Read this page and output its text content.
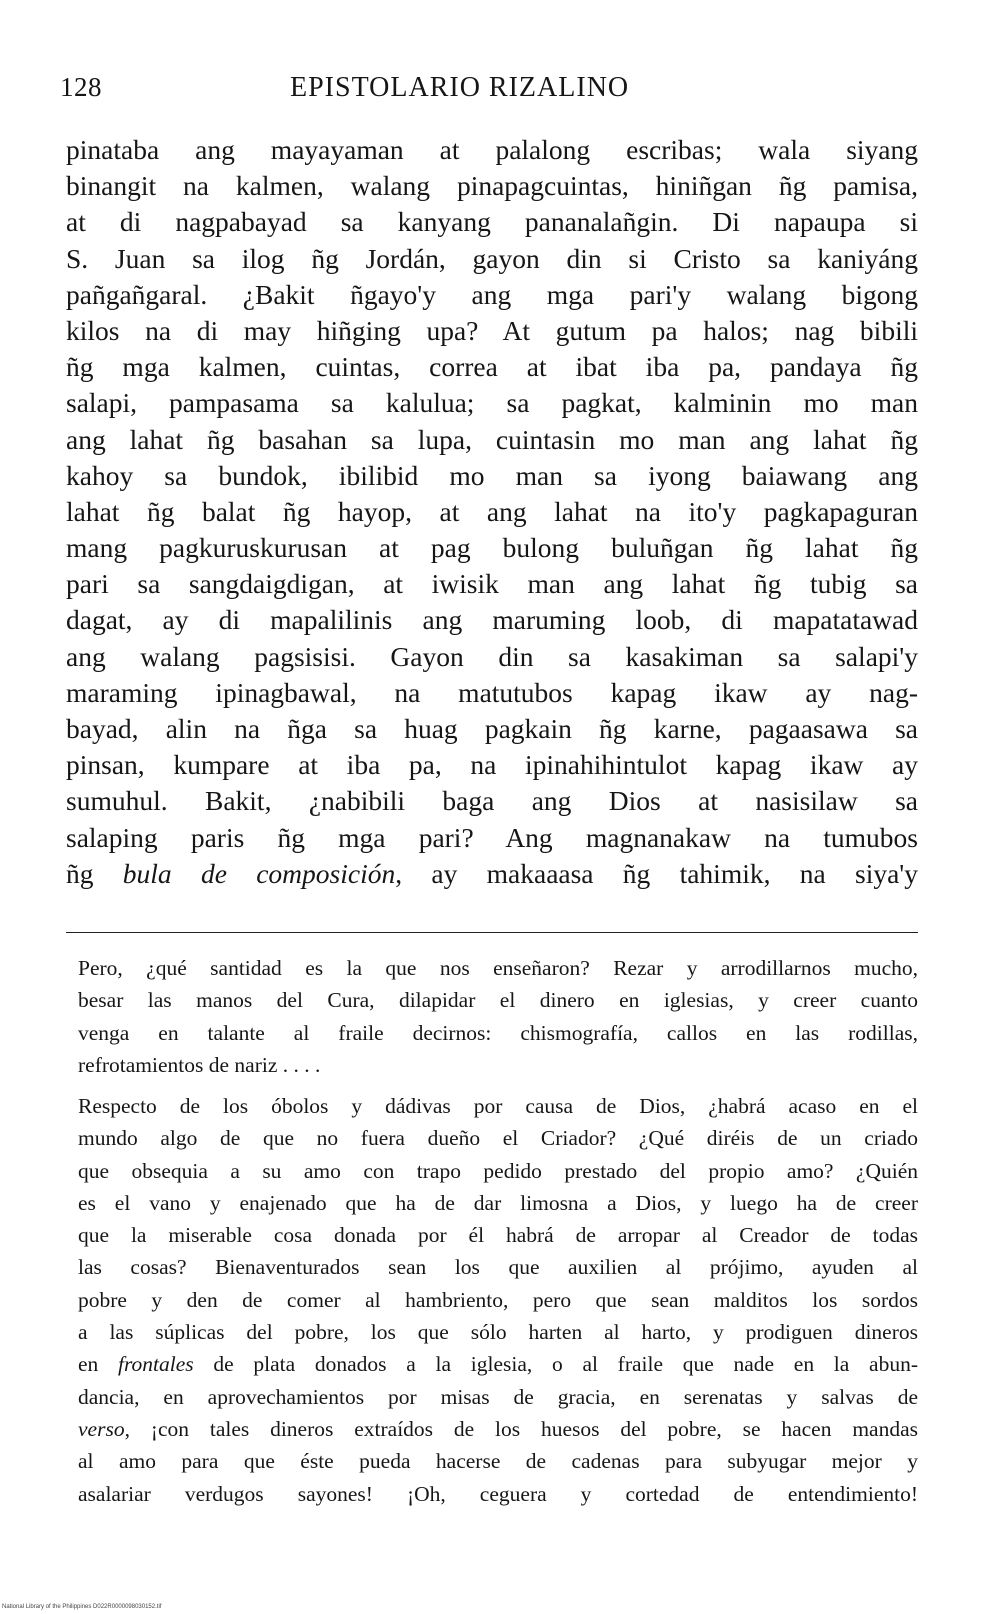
128	EPISTOLARIO RIZALINO
pinataba ang mayayaman at palalong escribas; wala siyang
binangit na kalmen, walang pinapagcuintas, hiniñgan ñg pamisa,
at di nagpabayad sa kanyang pananalañgin. Di napaupa si
S. Juan sa ilog ñg Jordán, gayon din si Cristo sa kaniyáng
pañgañgaral. ¿Bakit ñgayo'y ang mga pari'y walang bigong
kilos na di may hiñging upa? At gutum pa halos; nag bibili
ñg mga kalmen, cuintas, correa at ibat iba pa, pandaya ñg
salapi, pampasama sa kalulua; sa pagkat, kalminin mo man
ang lahat ñg basahan sa lupa, cuintasin mo man ang lahat ñg
kahoy sa bundok, ibilibid mo man sa iyong baiawang ang
lahat ñg balat ñg hayop, at ang lahat na ito'y pagkapaguran
mang pagkuruskurusan at pag bulong buluñgan ñg lahat ñg
pari sa sangdaigdigan, at iwisik man ang lahat ñg tubig sa
dagat, ay di mapalilinis ang maruming loob, di mapatatawad
ang walang pagsisisi. Gayon din sa kasakiman sa salapi'y
maraming ipinagbawal, na matutubos kapag ikaw ay nag-
bayad, alin na ñga sa huag pagkain ñg karne, pagaasawa sa
pinsan, kumpare at iba pa, na ipinahihintulot kapag ikaw ay
sumuhul. Bakit, ¿nabibili baga ang Dios at nasisilaw sa
salaping paris ñg mga pari? Ang magnanakaw na tumubos
ñg bula de composición, ay makaaasa ñg tahimik, na siya'y
Pero, ¿qué santidad es la que nos enseñaron? Rezar y arrodillarnos mucho,
besar las manos del Cura, dilapidar el dinero en iglesias, y creer cuanto
venga en talante al fraile decirnos: chismografía, callos en las rodillas,
refrotamientos de nariz . . . .
Respecto de los óbolos y dádivas por causa de Dios, ¿habrá acaso en el
mundo algo de que no fuera dueño el Criador? ¿Qué diréis de un criado
que obsequia a su amo con trapo pedido prestado del propio amo? ¿Quién
es el vano y enajenado que ha de dar limosna a Dios, y luego ha de creer
que la miserable cosa donada por él habrá de arropar al Creador de todas
las cosas? Bienaventurados sean los que auxilien al prójimo, ayuden al
pobre y den de comer al hambriento, pero que sean malditos los sordos
a las súplicas del pobre, los que sólo harten al harto, y prodiguen dineros
en frontales de plata donados a la iglesia, o al fraile que nade en la abun-
dancia, en aprovechamientos por misas de gracia, en serenatas y salvas de
verso, ¡con tales dineros extraídos de los huesos del pobre, se hacen mandas
al amo para que éste pueda hacerse de cadenas para subyugar mejor y
asalariar verdugos sayones! ¡Oh, ceguera y cortedad de entendimiento!
National Library of the Philippines D022R0000098030152.tif
